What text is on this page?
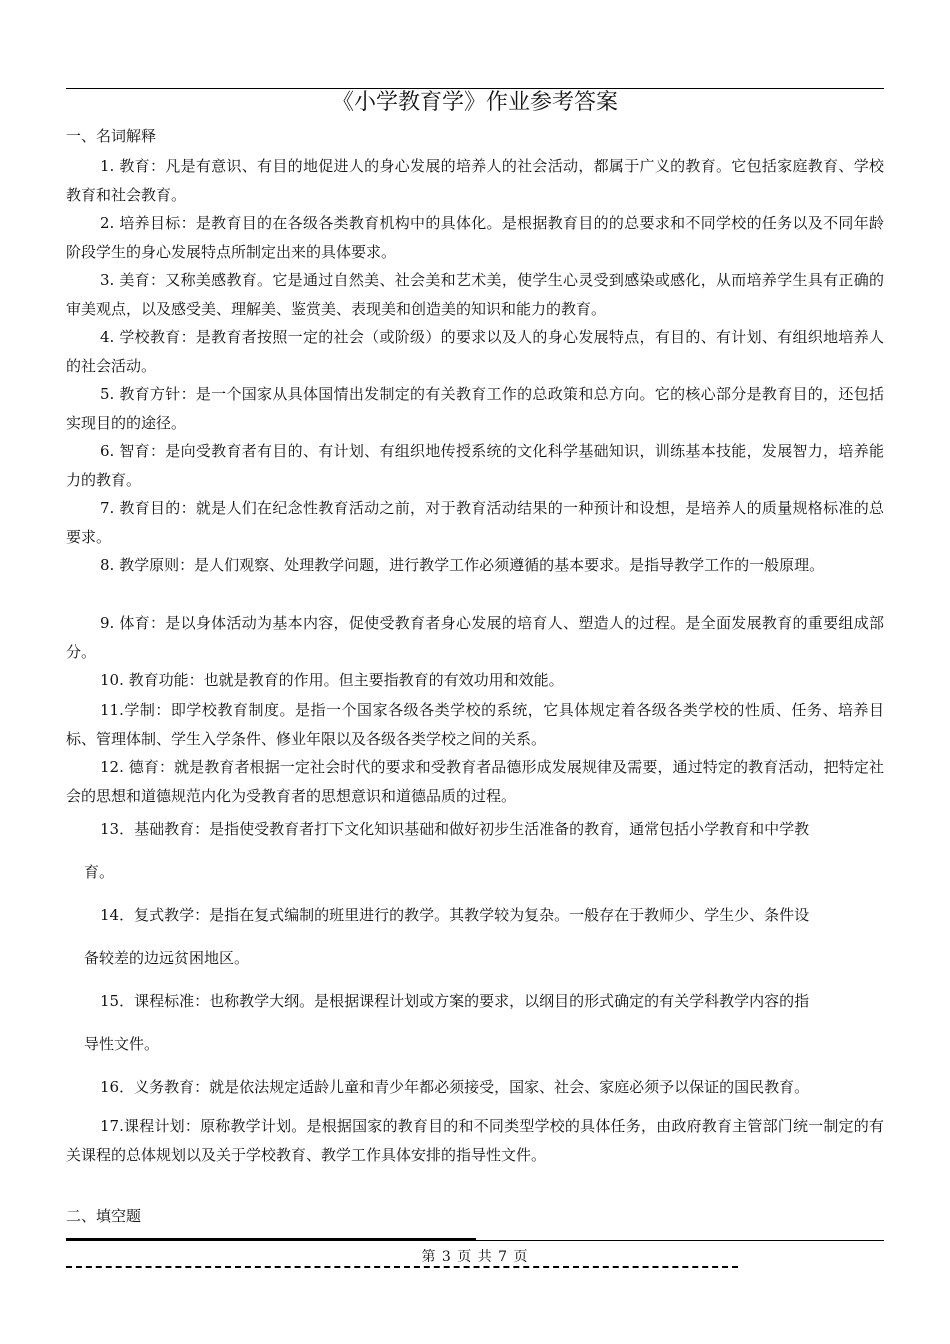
《小学教育学》作业参考答案
一、名词解释
1. 教育：凡是有意识、有目的地促进人的身心发展的培养人的社会活动，都属于广义的教育。它包括家庭教育、学校教育和社会教育。
2. 培养目标：是教育目的在各级各类教育机构中的具体化。是根据教育目的的总要求和不同学校的任务以及不同年龄阶段学生的身心发展特点所制定出来的具体要求。
3. 美育：又称美感教育。它是通过自然美、社会美和艺术美，使学生心灵受到感染或感化，从而培养学生具有正确的审美观点，以及感受美、理解美、鉴赏美、表现美和创造美的知识和能力的教育。
4. 学校教育：是教育者按照一定的社会（或阶级）的要求以及人的身心发展特点，有目的、有计划、有组织地培养人的社会活动。
5. 教育方针：是一个国家从具体国情出发制定的有关教育工作的总政策和总方向。它的核心部分是教育目的，还包括实现目的的途径。
6. 智育：是向受教育者有目的、有计划、有组织地传授系统的文化科学基础知识，训练基本技能，发展智力，培养能力的教育。
7. 教育目的：就是人们在纪念性教育活动之前，对于教育活动结果的一种预计和设想，是培养人的质量规格标准的总要求。
8. 教学原则：是人们观察、处理教学问题，进行教学工作必须遵循的基本要求。是指导教学工作的一般原理。
9. 体育：是以身体活动为基本内容，促使受教育者身心发展的培育人、塑造人的过程。是全面发展教育的重要组成部分。
10. 教育功能：也就是教育的作用。但主要指教育的有效功用和效能。
11.学制：即学校教育制度。是指一个国家各级各类学校的系统，它具体规定着各级各类学校的性质、任务、培养目标、管理体制、学生入学条件、修业年限以及各级各类学校之间的关系。
12. 德育：就是教育者根据一定社会时代的要求和受教育者品德形成发展规律及需要，通过特定的教育活动，把特定社会的思想和道德规范内化为受教育者的思想意识和道德品质的过程。
13．基础教育：是指使受教育者打下文化知识基础和做好初步生活准备的教育，通常包括小学教育和中学教
育。
14．复式教学：是指在复式编制的班里进行的教学。其教学较为复杂。一般存在于教师少、学生少、条件设
备较差的边远贫困地区。
15．课程标准：也称教学大纲。是根据课程计划或方案的要求，以纲目的形式确定的有关学科教学内容的指
导性文件。
16．义务教育：就是依法规定适龄儿童和青少年都必须接受，国家、社会、家庭必须予以保证的国民教育。
17.课程计划：原称教学计划。是根据国家的教育目的和不同类型学校的具体任务，由政府教育主管部门统一制定的有关课程的总体规划以及关于学校教育、教学工作具体安排的指导性文件。
二、填空题
第 3 页 共 7 页
